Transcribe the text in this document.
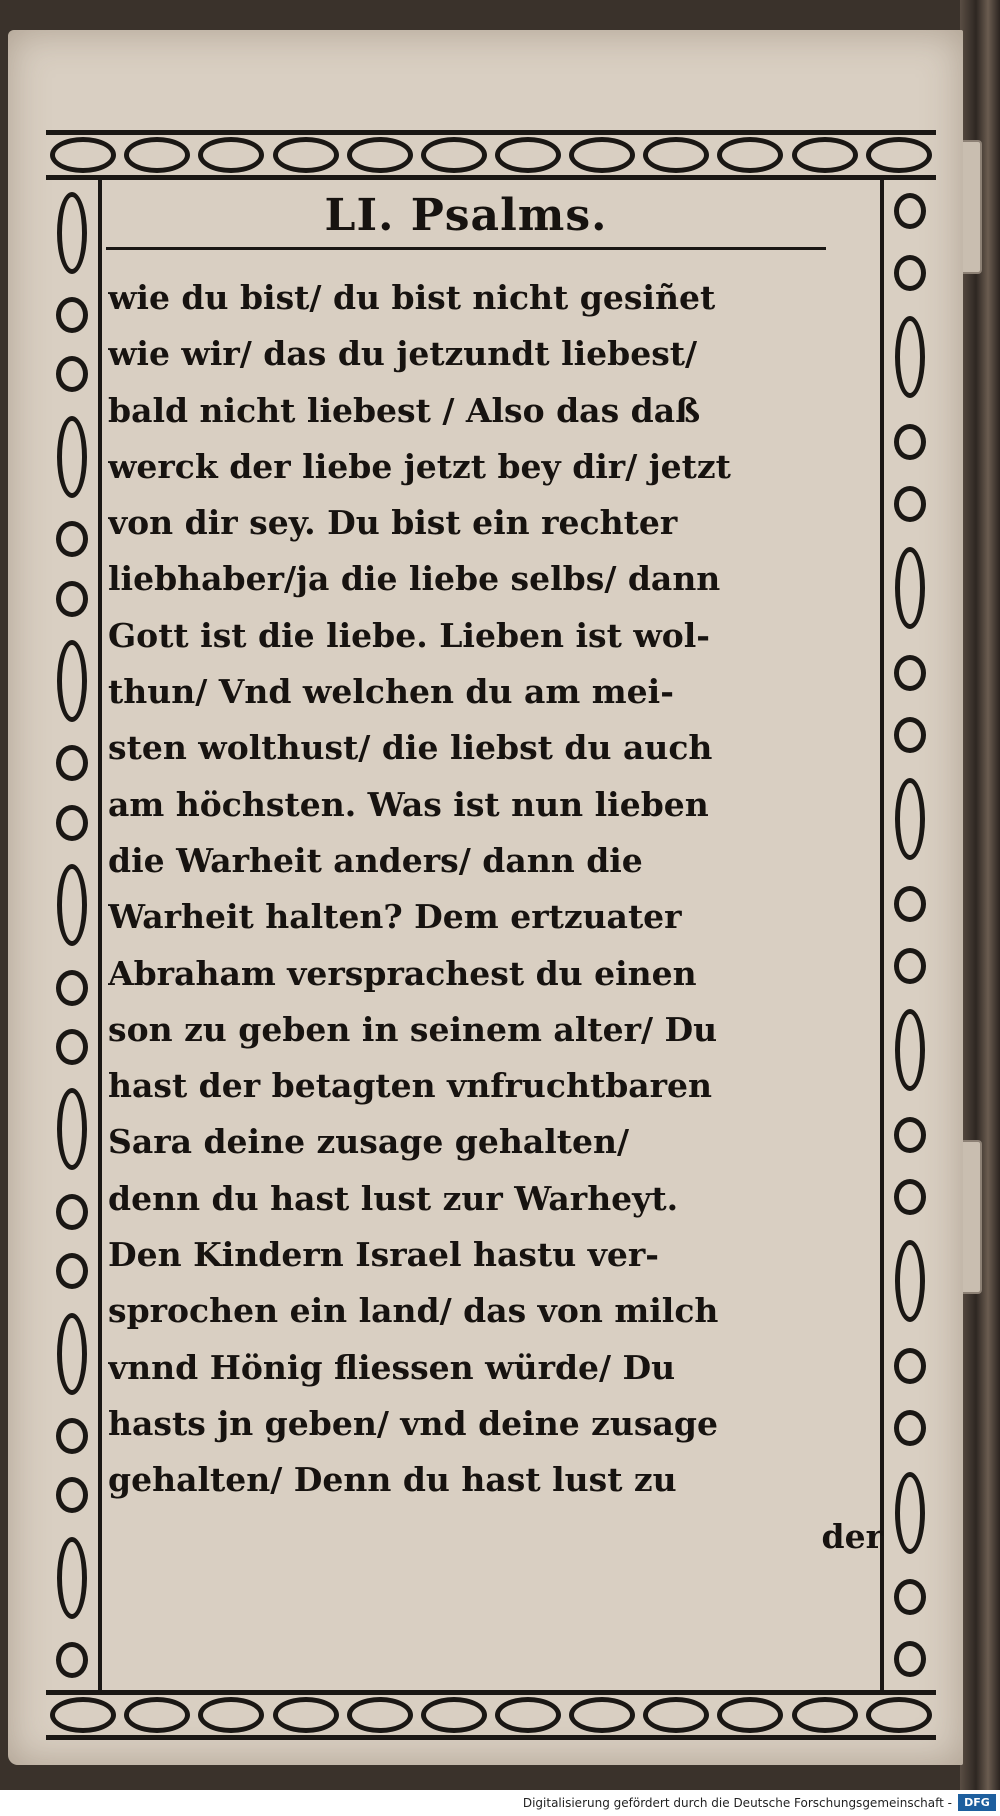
LI. Psalms.
wie du bist/ du bist nicht gesiñet
wie wir/ das du jetzundt liebest/
bald nicht liebest / Also das daß
werck der liebe jetzt bey dir/ jetzt
von dir sey. Du bist ein rechter
liebhaber/ja die liebe selbs/ dann
Gott ist die liebe. Lieben ist wol-
thun/ Vnd welchen du am mei-
sten wolthust/ die liebst du auch
am höchsten. Was ist nun lieben
die Warheit anders/ dann die
Warheit halten? Dem ertzuater
Abraham versprachest du einen
son zu geben in seinem alter/ Du
hast der betagten vnfruchtbaren
Sara deine zusage gehalten/
denn du hast lust zur Warheyt.
Den Kindern Israel hastu ver-
sprochen ein land/ das von milch
vnnd Hönig fliessen würde/ Du
hasts jn geben/ vnd deine zusage
gehalten/ Denn du hast lust zu
der
Digitalisierung gefördert durch die Deutsche Forschungsgemeinschaft -	DFG
